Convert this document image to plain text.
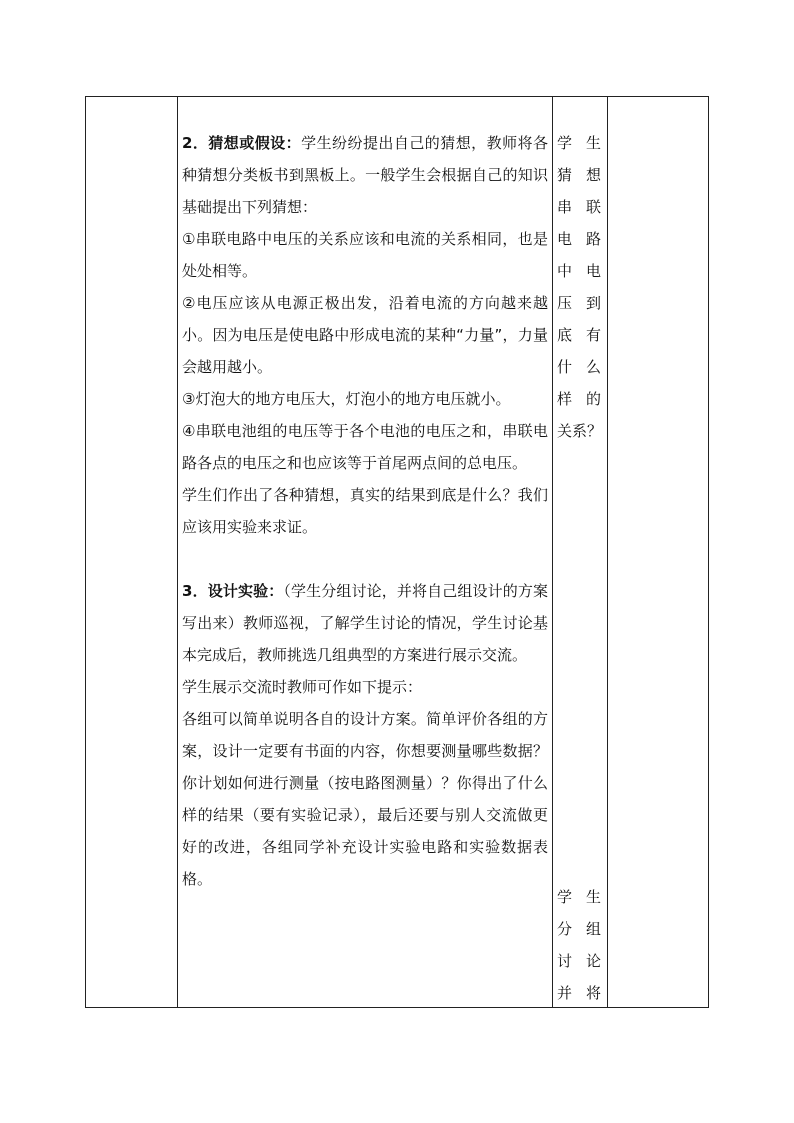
2．猜想或假设：学生纷纷提出自己的猜想，教师将各种猜想分类板书到黑板上。一般学生会根据自己的知识基础提出下列猜想：

①串联电路中电压的关系应该和电流的关系相同，也是处处相等。

②电压应该从电源正极出发，沿着电流的方向越来越小。因为电压是使电路中形成电流的某种“力量”，力量会越用越小。

③灯泡大的地方电压大，灯泡小的地方电压就小。

④串联电池组的电压等于各个电池的电压之和，串联电路各点的电压之和也应该等于首尾两点间的总电压。

学生们作出了各种猜想，真实的结果到底是什么？我们应该用实验来求证。

3．设计实验：（学生分组讨论，并将自己组设计的方案写出来）教师巡视，了解学生讨论的情况，学生讨论基本完成后，教师挑选几组典型的方案进行展示交流。

学生展示交流时教师可作如下提示：

各组可以简单说明各自的设计方案。简单评价各组的方案，设计一定要有书面的内容，你想要测量哪些数据？你计划如何进行测量（按电路图测量）？你得出了什么样的结果（要有实验记录），最后还要与别人交流做更好的改进，各组同学补充设计实验电路和实验数据表格。

学 生
猜 想
串 联
电 路
中 电
压 到
底 有
什 么
样 的
关 系 ？
学 生
分 组
讨 论
并 将
